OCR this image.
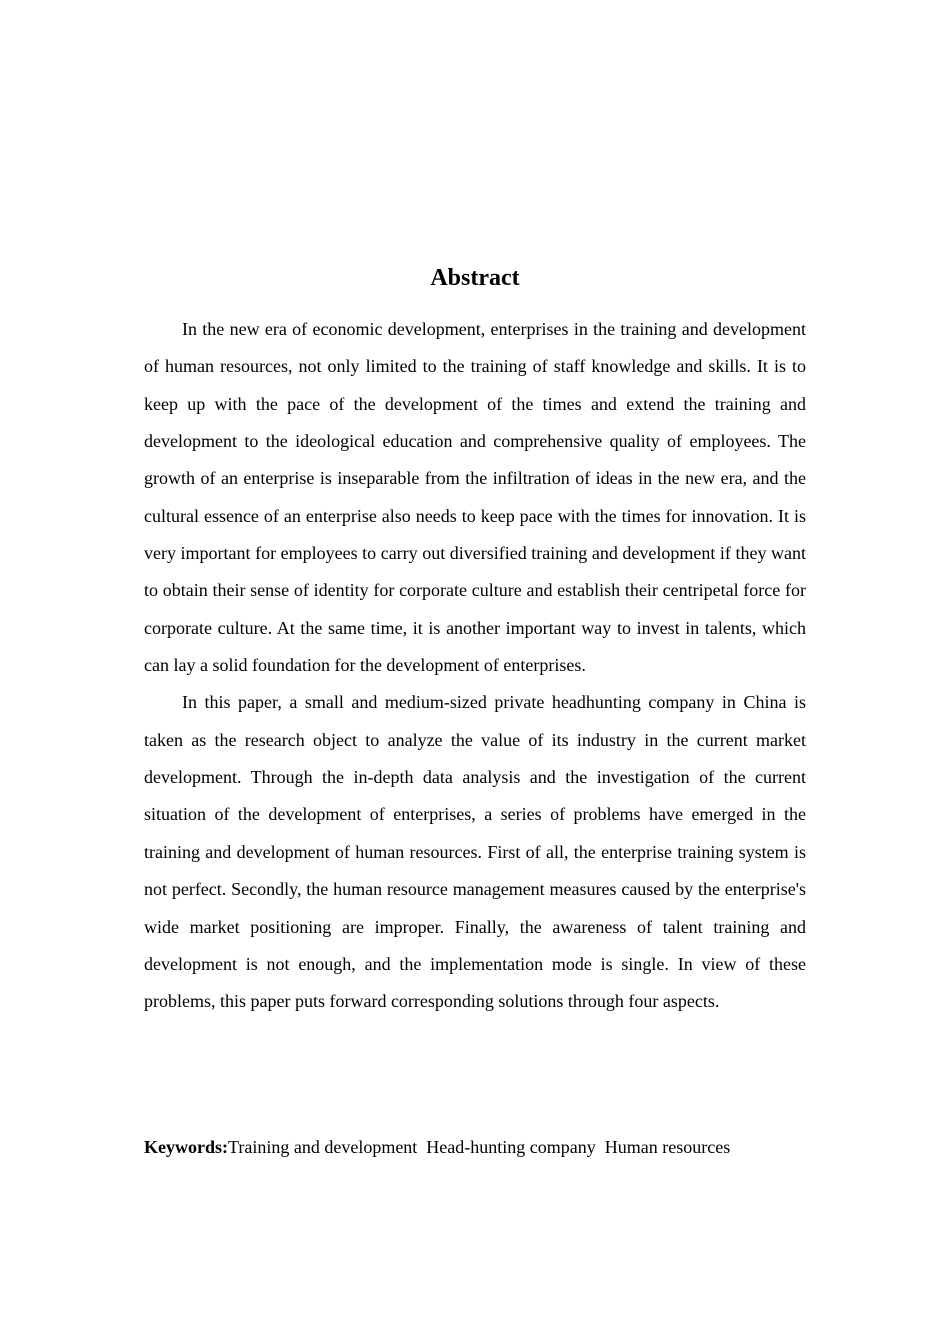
Abstract

In the new era of economic development, enterprises in the training and development of human resources, not only limited to the training of staff knowledge and skills. It is to keep up with the pace of the development of the times and extend the training and development to the ideological education and comprehensive quality of employees. The growth of an enterprise is inseparable from the infiltration of ideas in the new era, and the cultural essence of an enterprise also needs to keep pace with the times for innovation. It is very important for employees to carry out diversified training and development if they want to obtain their sense of identity for corporate culture and establish their centripetal force for corporate culture. At the same time, it is another important way to invest in talents, which can lay a solid foundation for the development of enterprises.

In this paper, a small and medium-sized private headhunting company in China is taken as the research object to analyze the value of its industry in the current market development. Through the in-depth data analysis and the investigation of the current situation of the development of enterprises, a series of problems have emerged in the training and development of human resources. First of all, the enterprise training system is not perfect. Secondly, the human resource management measures caused by the enterprise's wide market positioning are improper. Finally, the awareness of talent training and development is not enough, and the implementation mode is single. In view of these problems, this paper puts forward corresponding solutions through four aspects.

Keywords:Training and development  Head-hunting company  Human resources
